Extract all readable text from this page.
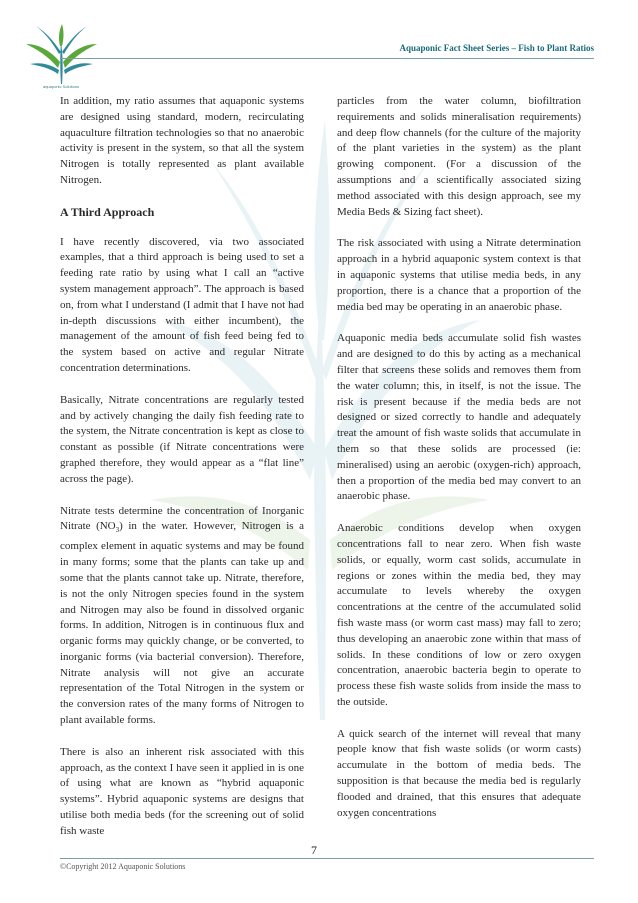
aquaponic Solutions
Aquaponic Fact Sheet Series – Fish to Plant Ratios

In addition, my ratio assumes that aquaponic systems are designed using standard, modern, recirculating aquaculture filtration technologies so that no anaerobic activity is present in the system, so that all the system Nitrogen is totally represented as plant available Nitrogen.

A Third Approach

I have recently discovered, via two associated examples, that a third approach is being used to set a feeding rate ratio by using what I call an “active system management approach”. The approach is based on, from what I understand (I admit that I have not had in-depth discussions with either incumbent), the management of the amount of fish feed being fed to the system based on active and regular Nitrate concentration determinations.

Basically, Nitrate concentrations are regularly tested and by actively changing the daily fish feeding rate to the system, the Nitrate concentration is kept as close to constant as possible (if Nitrate concentrations were graphed therefore, they would appear as a “flat line” across the page).

Nitrate tests determine the concentration of Inorganic Nitrate $(NO_3)$ in the water. However, Nitrogen is a complex element in aquatic systems and may be found in many forms; some that the plants can take up and some that the plants cannot take up. Nitrate, therefore, is not the only Nitrogen species found in the system and Nitrogen may also be found in dissolved organic forms. In addition, Nitrogen is in continuous flux and organic forms may quickly change, or be converted, to inorganic forms (via bacterial conversion). Therefore, Nitrate analysis will not give an accurate representation of the Total Nitrogen in the system or the conversion rates of the many forms of Nitrogen to plant available forms.

There is also an inherent risk associated with this approach, as the context I have seen it applied in is one of using what are known as “hybrid aquaponic systems”. Hybrid aquaponic systems are designs that utilise both media beds (for the screening out of solid fish waste

particles from the water column, biofiltration requirements and solids mineralisation requirements) and deep flow channels (for the culture of the majority of the plant varieties in the system) as the plant growing component. (For a discussion of the assumptions and a scientifically associated sizing method associated with this design approach, see my Media Beds & Sizing fact sheet).

The risk associated with using a Nitrate determination approach in a hybrid aquaponic system context is that in aquaponic systems that utilise media beds, in any proportion, there is a chance that a proportion of the media bed may be operating in an anaerobic phase.

Aquaponic media beds accumulate solid fish wastes and are designed to do this by acting as a mechanical filter that screens these solids and removes them from the water column; this, in itself, is not the issue. The risk is present because if the media beds are not designed or sized correctly to handle and adequately treat the amount of fish waste solids that accumulate in them so that these solids are processed (ie: mineralised) using an aerobic (oxygen-rich) approach, then a proportion of the media bed may convert to an anaerobic phase.

Anaerobic conditions develop when oxygen concentrations fall to near zero. When fish waste solids, or equally, worm cast solids, accumulate in regions or zones within the media bed, they may accumulate to levels whereby the oxygen concentrations at the centre of the accumulated solid fish waste mass (or worm cast mass) may fall to zero; thus developing an anaerobic zone within that mass of solids. In these conditions of low or zero oxygen concentration, anaerobic bacteria begin to operate to process these fish waste solids from inside the mass to the outside.

A quick search of the internet will reveal that many people know that fish waste solids (or worm casts) accumulate in the bottom of media beds. The supposition is that because the media bed is regularly flooded and drained, that this ensures that adequate oxygen concentrations

7
©Copyright 2012 Aquaponic Solutions
